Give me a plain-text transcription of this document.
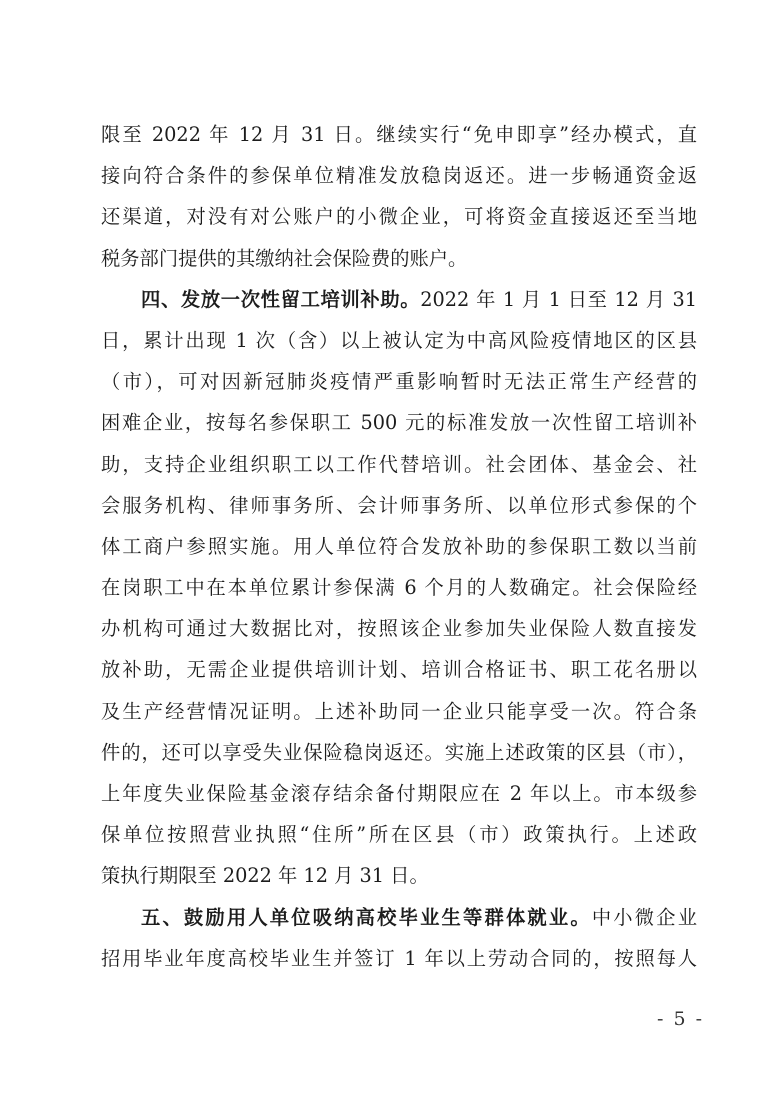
限至 2022 年 12 月 31 日。继续实行“免申即享”经办模式，直
接向符合条件的参保单位精准发放稳岗返还。进一步畅通资金返
还渠道，对没有对公账户的小微企业，可将资金直接返还至当地
税务部门提供的其缴纳社会保险费的账户。
四、发放一次性留工培训补助。2022 年 1 月 1 日至 12 月 31
日，累计出现 1 次（含）以上被认定为中高风险疫情地区的区县
（市），可对因新冠肺炎疫情严重影响暂时无法正常生产经营的
困难企业，按每名参保职工 500 元的标准发放一次性留工培训补
助，支持企业组织职工以工作代替培训。社会团体、基金会、社
会服务机构、律师事务所、会计师事务所、以单位形式参保的个
体工商户参照实施。用人单位符合发放补助的参保职工数以当前
在岗职工中在本单位累计参保满 6 个月的人数确定。社会保险经
办机构可通过大数据比对，按照该企业参加失业保险人数直接发
放补助，无需企业提供培训计划、培训合格证书、职工花名册以
及生产经营情况证明。上述补助同一企业只能享受一次。符合条
件的，还可以享受失业保险稳岗返还。实施上述政策的区县（市），
上年度失业保险基金滚存结余备付期限应在 2 年以上。市本级参
保单位按照营业执照“住所”所在区县（市）政策执行。上述政
策执行期限至 2022 年 12 月 31 日。
五、鼓励用人单位吸纳高校毕业生等群体就业。中小微企业
招用毕业年度高校毕业生并签订 1 年以上劳动合同的，按照每人
- 5 -
